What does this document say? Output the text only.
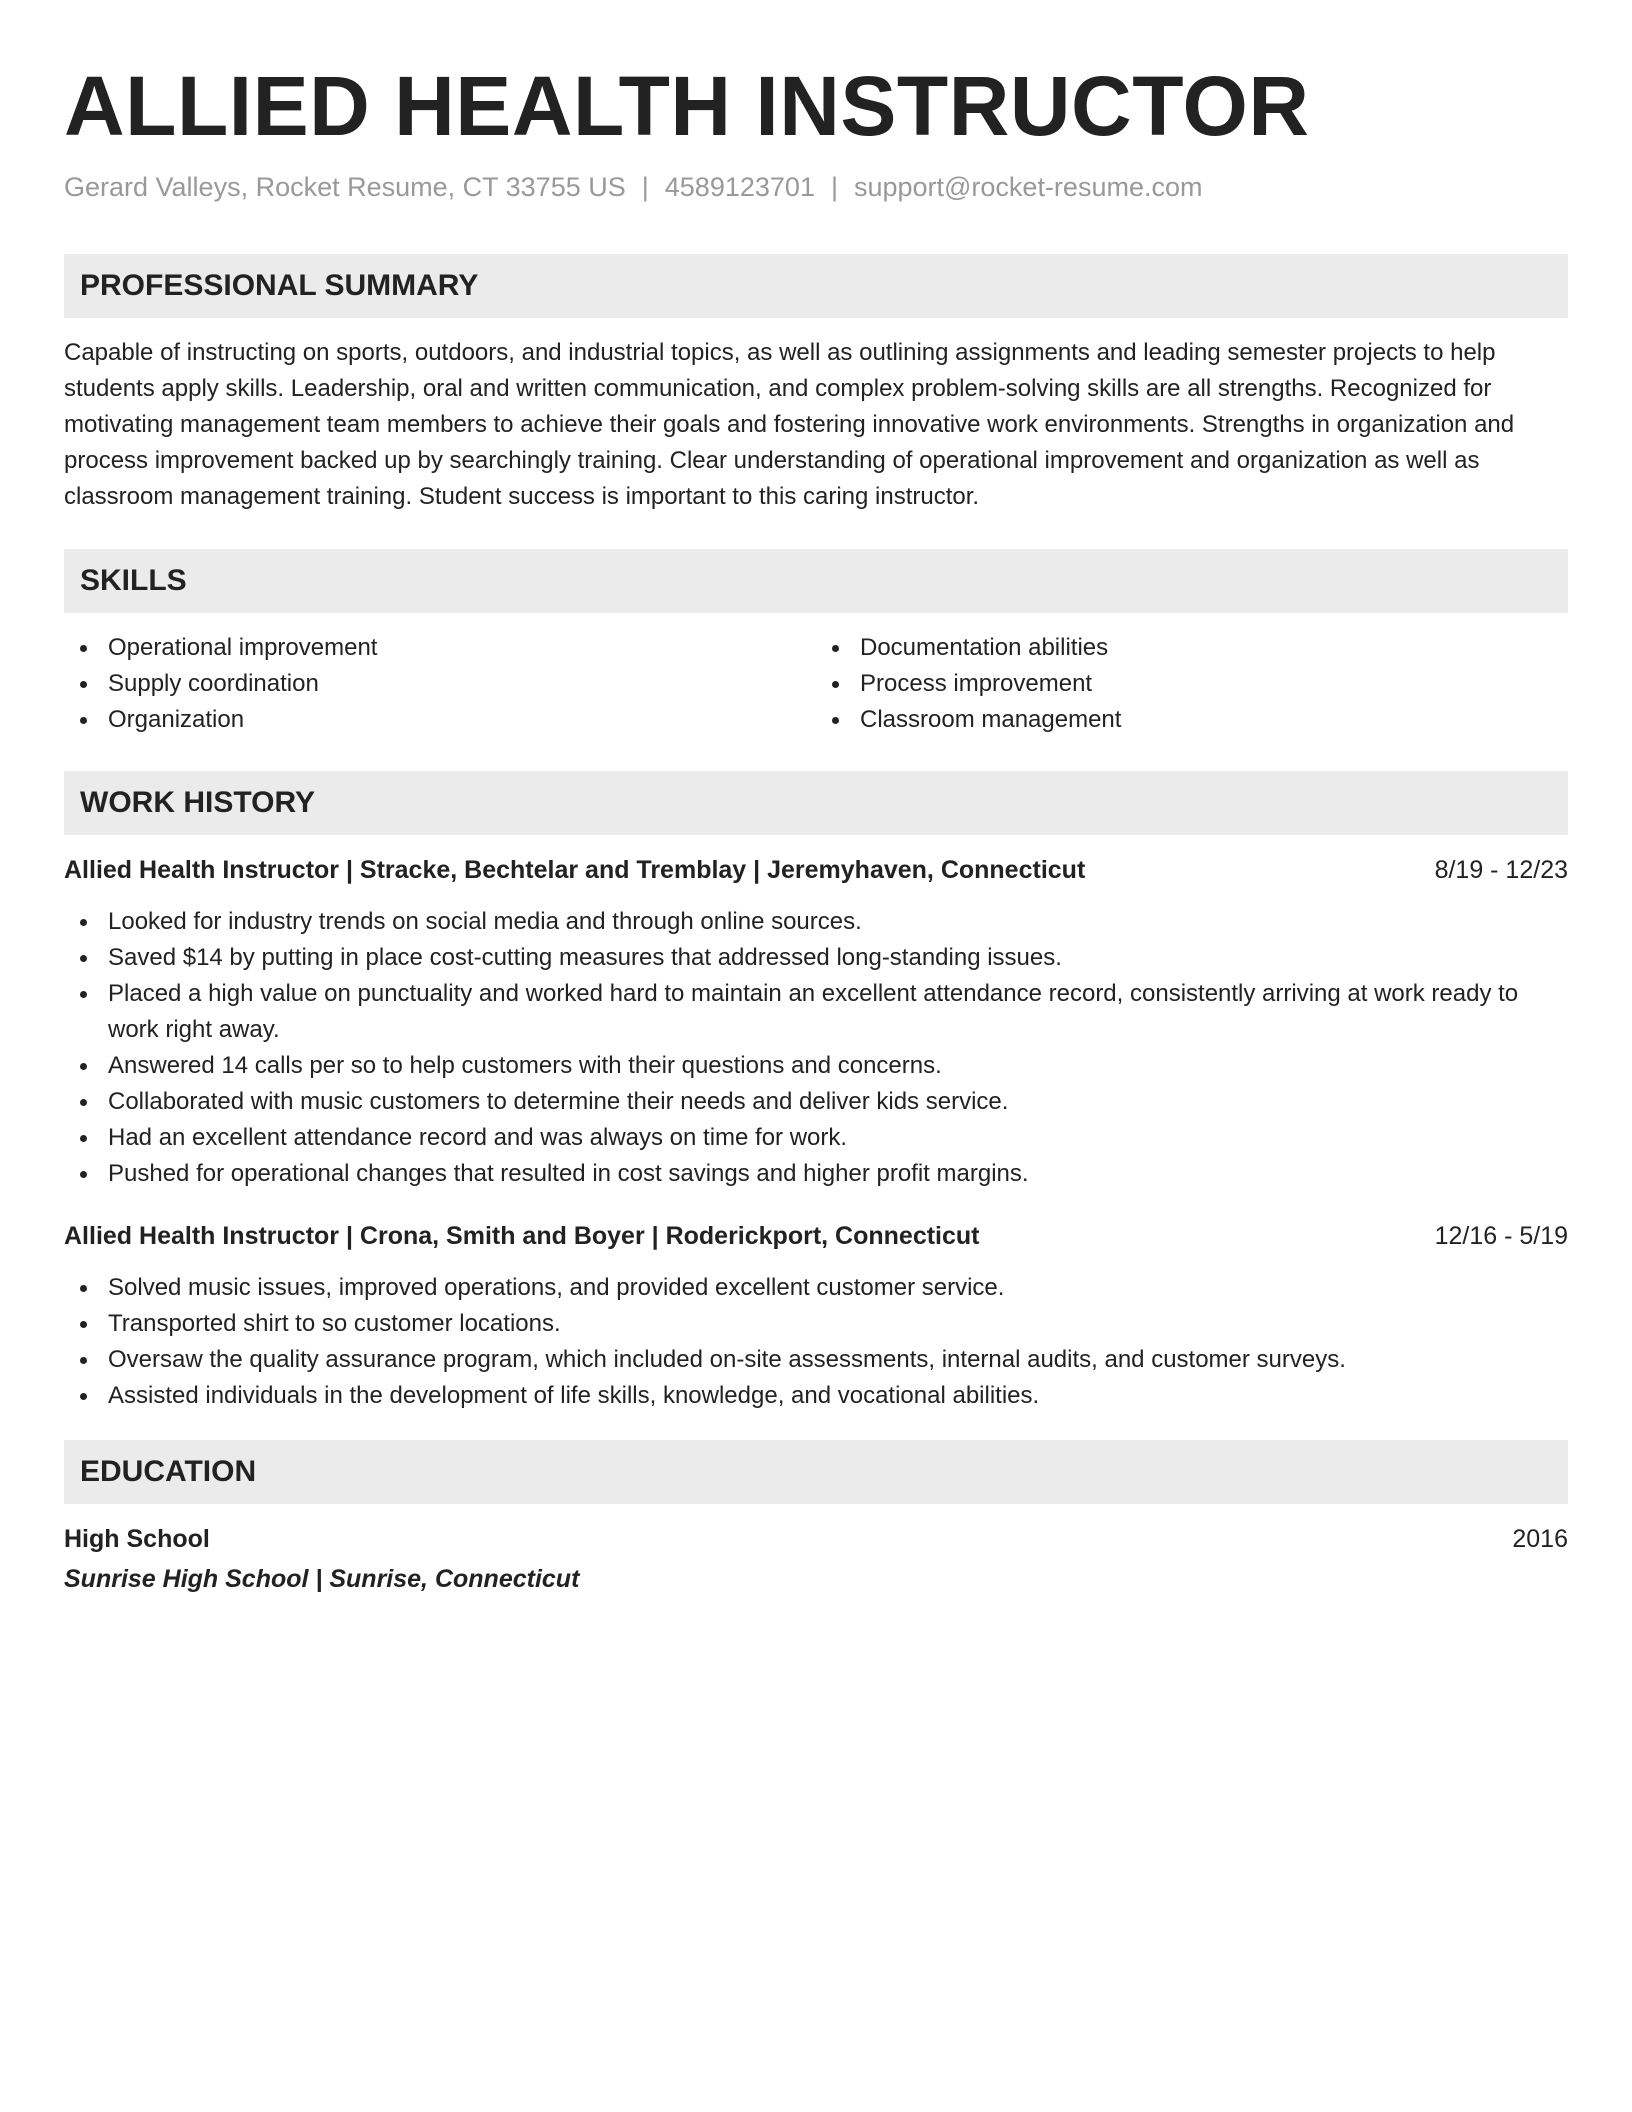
ALLIED HEALTH INSTRUCTOR
Gerard Valleys, Rocket Resume, CT 33755 US | 4589123701 | support@rocket-resume.com
PROFESSIONAL SUMMARY

Capable of instructing on sports, outdoors, and industrial topics, as well as outlining assignments and leading semester projects to help students apply skills. Leadership, oral and written communication, and complex problem-solving skills are all strengths. Recognized for motivating management team members to achieve their goals and fostering innovative work environments. Strengths in organization and process improvement backed up by searchingly training. Clear understanding of operational improvement and organization as well as classroom management training. Student success is important to this caring instructor.

SKILLS
Operational improvement
Supply coordination
Organization
Documentation abilities
Process improvement
Classroom management
WORK HISTORY
Allied Health Instructor | Stracke, Bechtelar and Tremblay | Jeremyhaven, Connecticut	8/19 - 12/23
Looked for industry trends on social media and through online sources.
Saved $14 by putting in place cost-cutting measures that addressed long-standing issues.
Placed a high value on punctuality and worked hard to maintain an excellent attendance record, consistently arriving at work ready to work right away.
Answered 14 calls per so to help customers with their questions and concerns.
Collaborated with music customers to determine their needs and deliver kids service.
Had an excellent attendance record and was always on time for work.
Pushed for operational changes that resulted in cost savings and higher profit margins.
Allied Health Instructor | Crona, Smith and Boyer | Roderickport, Connecticut	12/16 - 5/19
Solved music issues, improved operations, and provided excellent customer service.
Transported shirt to so customer locations.
Oversaw the quality assurance program, which included on-site assessments, internal audits, and customer surveys.
Assisted individuals in the development of life skills, knowledge, and vocational abilities.
EDUCATION
High School	2016
Sunrise High School | Sunrise, Connecticut
